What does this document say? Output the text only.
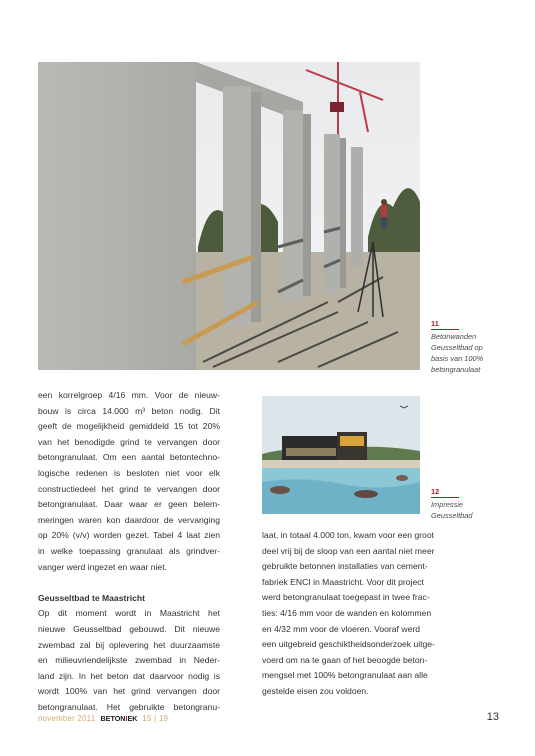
11
Betonwanden
Geusseltbad op
basis van 100%
betongranulaat
12
Impressie
Geusseltbad
een korrelgroep 4/16 mm. Voor de nieuw-
bouw is circa 14.000 m³ beton nodig. Dit
geeft de mogelijkheid gemiddeld 15 tot 20%
van het benodigde grind te vervangen door
betongranulaat. Om een aantal betontechno-
logische redenen is besloten niet voor elk
constructiedeel het grind te vervangen door
betongranulaat. Daar waar er geen belem-
meringen waren kon daardoor de vervanging
op 20% (v/v) worden gezet. Tabel 4 laat zien
in welke toepassing granulaat als grindver-
vanger werd ingezet en waar niet.
Geusseltbad te Maastricht
Op dit moment wordt in Maastricht het
nieuwe Geusseltbad gebouwd. Dit nieuwe
zwembad zal bij oplevering het duurzaamste
en milieuvriendelijkste zwembad in Neder-
land zijn. In het beton dat daarvoor nodig is
wordt 100% van het grind vervangen door
betongranulaat. Het gebruikte betongranu-
laat, in totaal 4.000 ton, kwam voor een groot
deel vrij bij de sloop van een aantal niet meer
gebruikte betonnen installaties van cement-
fabriek ENCI in Maastricht. Voor dit project
werd betongranulaat toegepast in twee frac-
ties: 4/16 mm voor de wanden en kolommen
en 4/32 mm voor de vloeren. Vooraf werd
een uitgebreid geschiktheidsonderzoek uitge-
voerd om na te gaan of het beoogde beton-
mengsel met 100% betongranulaat aan alle
gestelde eisen zou voldoen.
november 2011 BETONIEK 15 | 19	13
